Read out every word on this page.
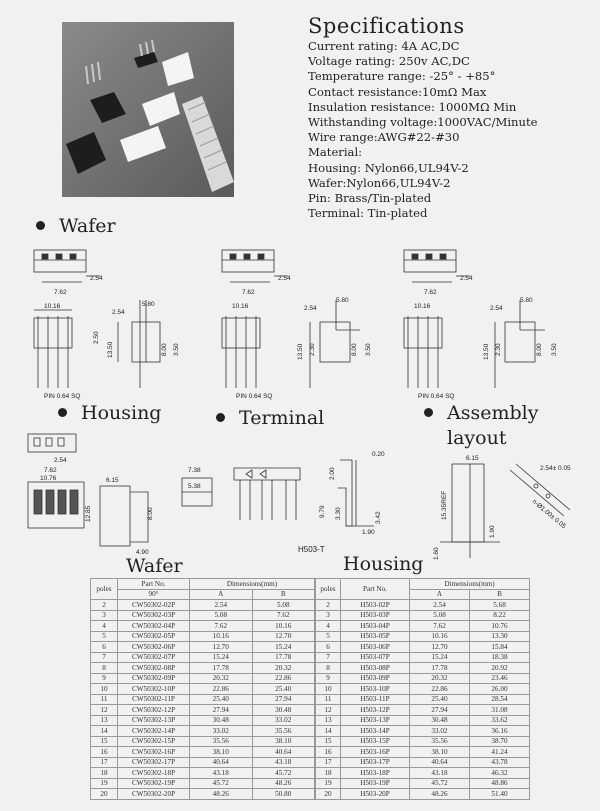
Specifications
Current rating: 4A AC,DC
Voltage rating: 250v AC,DC
Temperature range: -25° - +85°
Contact resistance:10mΩ Max
Insulation resistance: 1000MΩ Min
Withstanding voltage:1000VAC/Minute
Wire range:AWG#22-#30
Material:
Housing: Nylon66,UL94V-2
Wafer:Nylon66,UL94V-2
Pin: Brass/Tin-plated
Terminal: Tin-plated
Wafer
Housing	Terminal	Assembly
layout
2.54
7.62
10.16	5.80
2.54
13.50
2.50
8.00 3.50
PIN 0.64 SQ
2.54
7.62
10.16
5.80
2.54
13.50 2.30	8.00 3.50
PIN 0.64 SQ
2.54
7.62
10.16
5.80
2.54
13.50 2.30	8.00 3.50
PIN 0.64 SQ
2.54
7.62
10.76
12.85
6.15
8.00
4.90
7.38
5.38
0.20
2.00
9.79 3.30	3.42
1.90
H503-T
6.15
15.35REF
1.90
1.60
2.54± 0.05
n-Ø1.00± 0.05
Wafer	Housing
poles	Part No.	Dimensions(mm)	
	90°	A	B
2	CW50302-02P	2.54	5.08
3	CW50302-03P	5.08	7.62
4	CW50302-04P	7.62	10.16
5	CW50302-05P	10.16	12.70
6	CW50302-06P	12.70	15.24
7	CW50302-07P	15.24	17.78
8	CW50302-08P	17.78	20.32
9	CW50302-09P	20.32	22.86
10	CW50302-10P	22.86	25.40
11	CW50302-11P	25.40	27.94
12	CW50302-12P	27.94	30.48
13	CW50302-13P	30.48	33.02
14	CW50302-14P	33.02	35.56
15	CW50302-15P	35.56	38.10
16	CW50302-16P	38.10	40.64
17	CW50302-17P	40.64	43.18
18	CW50302-18P	43.18	45.72
19	CW50302-19P	45.72	48.26
20	CW50302-20P	48.26	50.80
poles	Part No.	Dimensions(mm)	
		A	B
2	H503-02P	2.54	5.68
3	H503-03P	5.08	8.22
4	H503-04P	7.62	10.76
5	H503-05P	10.16	13.30
6	H503-06P	12.70	15.84
7	H503-07P	15.24	18.38
8	H503-08P	17.78	20.92
9	H503-09P	20.32	23.46
10	H503-10P	22.86	26.00
11	H503-11P	25.40	28.54
12	H503-12P	27.94	31.08
13	H503-13P	30.48	33.62
14	H503-14P	33.02	36.16
15	H503-15P	35.56	38.70
16	H503-16P	38.10	41.24
17	H503-17P	40.64	43.78
18	H503-18P	43.18	46.32
19	H503-19P	45.72	48.86
20	H503-20P	48.26	51.40
